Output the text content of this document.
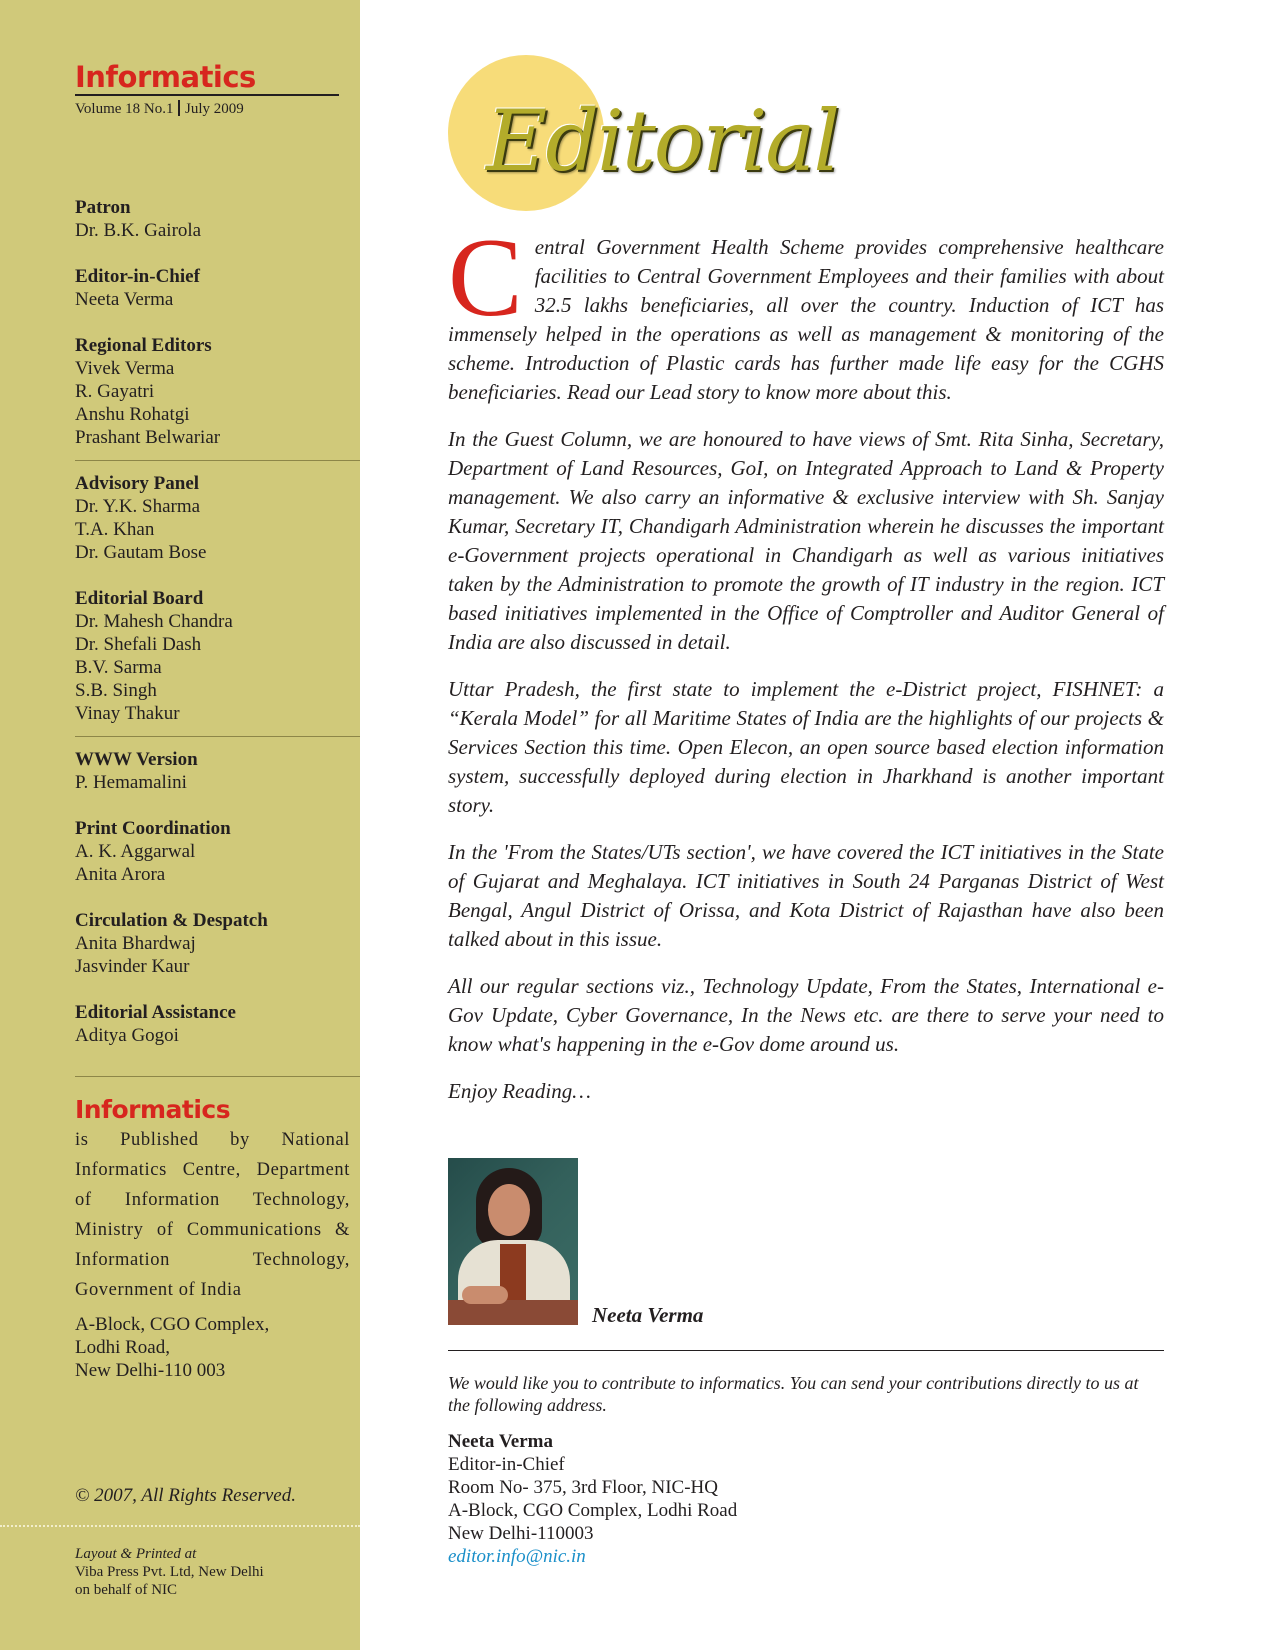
Informatics
Volume 18 No.1 July 2009
Patron
Dr. B.K. Gairola
Editor-in-Chief
Neeta Verma
Regional Editors
Vivek Verma
R. Gayatri
Anshu Rohatgi
Prashant Belwariar
Advisory Panel
Dr. Y.K. Sharma
T.A. Khan
Dr. Gautam Bose
Editorial Board
Dr. Mahesh Chandra
Dr. Shefali Dash
B.V. Sarma
S.B. Singh
Vinay Thakur
WWW Version
P. Hemamalini
Print Coordination
A. K. Aggarwal
Anita Arora
Circulation & Despatch
Anita Bhardwaj
Jasvinder Kaur
Editorial Assistance
Aditya Gogoi
Informatics
is Published by National Informatics Centre, Department of Information Technology, Ministry of Communications & Information Technology, Government of India
A-Block, CGO Complex,
Lodhi Road,
New Delhi-110 003
© 2007, All Rights Reserved.
Layout & Printed at
Viba Press Pvt. Ltd, New Delhi
on behalf of NIC
Editorial

Central Government Health Scheme provides comprehensive healthcare facilities to Central Government Employees and their families with about 32.5 lakhs beneficiaries, all over the country. Induction of ICT has immensely helped in the operations as well as management & monitoring of the scheme. Introduction of Plastic cards has further made life easy for the CGHS beneficiaries. Read our Lead story to know more about this.

In the Guest Column, we are honoured to have views of Smt. Rita Sinha, Secretary, Department of Land Resources, GoI, on Integrated Approach to Land & Property management. We also carry an informative & exclusive interview with Sh. Sanjay Kumar, Secretary IT, Chandigarh Administration wherein he discusses the important e-Government projects operational in Chandigarh as well as various initiatives taken by the Administration to promote the growth of IT industry in the region. ICT based initiatives implemented in the Office of Comptroller and Auditor General of India are also discussed in detail.

Uttar Pradesh, the first state to implement the e-District project, FISHNET: a “Kerala Model” for all Maritime States of India are the highlights of our projects & Services Section this time. Open Elecon, an open source based election information system, successfully deployed during election in Jharkhand is another important story.

In the 'From the States/UTs section', we have covered the ICT initiatives in the State of Gujarat and Meghalaya. ICT initiatives in South 24 Parganas District of West Bengal, Angul District of Orissa, and Kota District of Rajasthan have also been talked about in this issue.

All our regular sections viz., Technology Update, From the States, International e-Gov Update, Cyber Governance, In the News etc. are there to serve your need to know what's happening in the e-Gov dome around us.

Enjoy Reading…

Neeta Verma
We would like you to contribute to informatics. You can send your contributions directly to us at the following address.
Neeta Verma
Editor-in-Chief
Room No- 375, 3rd Floor, NIC-HQ
A-Block, CGO Complex, Lodhi Road
New Delhi-110003
editor.info@nic.in
